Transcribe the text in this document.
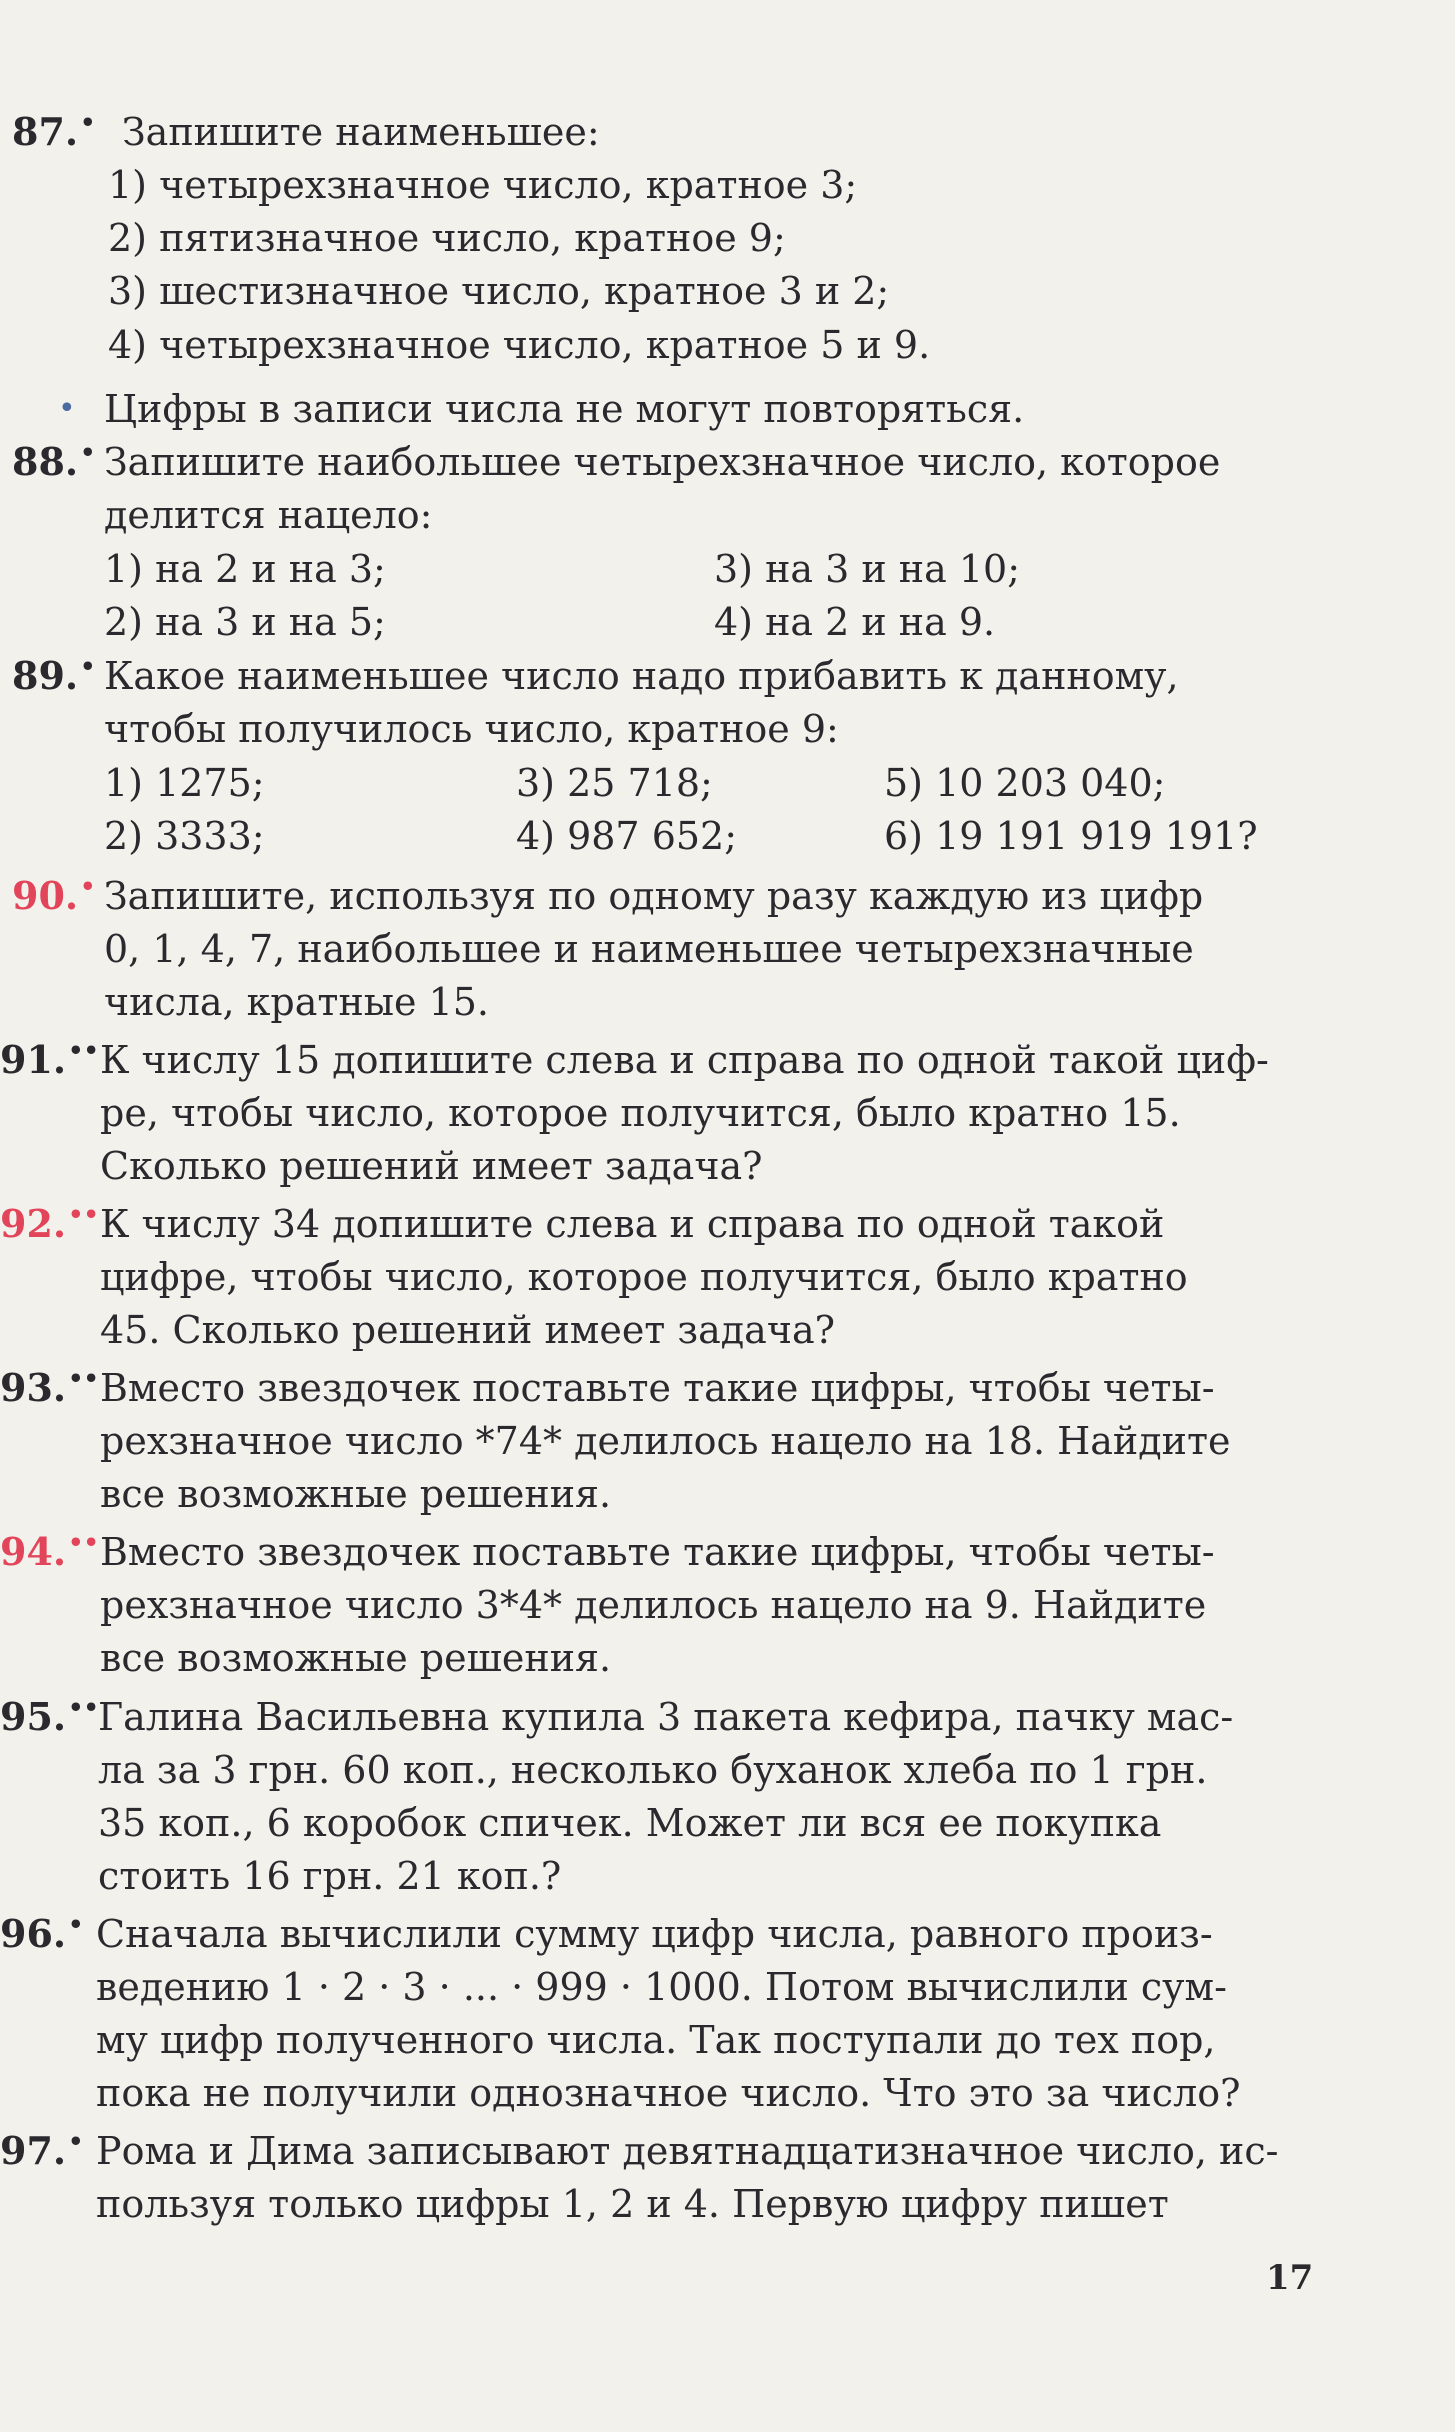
87.• Запишите наименьшее:
1) четырехзначное число, кратное 3;
2) пятизначное число, кратное 9;
3) шестизначное число, кратное 3 и 2;
4) четырехзначное число, кратное 5 и 9.
• Цифры в записи числа не могут повторяться.
88.• Запишите наибольшее четырехзначное число, которое
делится нацело:
1) на 2 и на 3;	3) на 3 и на 10;
2) на 3 и на 5;	4) на 2 и на 9.
89.• Какое наименьшее число надо прибавить к данному,
чтобы получилось число, кратное 9:
1) 1275;	3) 25 718;	5) 10 203 040;
2) 3333;	4) 987 652;	6) 19 191 919 191?
90.• Запишите, используя по одному разу каждую из цифр
0, 1, 4, 7, наибольшее и наименьшее четырехзначные
числа, кратные 15.
91.•• К числу 15 допишите слева и справа по одной такой циф-
ре, чтобы число, которое получится, было кратно 15.
Сколько решений имеет задача?
92.•• К числу 34 допишите слева и справа по одной такой
цифре, чтобы число, которое получится, было кратно
45. Сколько решений имеет задача?
93.•• Вместо звездочек поставьте такие цифры, чтобы четы-
рехзначное число *74* делилось нацело на 18. Найдите
все возможные решения.
94.•• Вместо звездочек поставьте такие цифры, чтобы четы-
рехзначное число 3*4* делилось нацело на 9. Найдите
все возможные решения.
95.•• Галина Васильевна купила 3 пакета кефира, пачку мас-
ла за 3 грн. 60 коп., несколько буханок хлеба по 1 грн.
35 коп., 6 коробок спичек. Может ли вся ее покупка
стоить 16 грн. 21 коп.?
96.• Сначала вычислили сумму цифр числа, равного произ-
ведению 1 · 2 · 3 · ... · 999 · 1000. Потом вычислили сум-
му цифр полученного числа. Так поступали до тех пор,
пока не получили однозначное число. Что это за число?
97.• Рома и Дима записывают девятнадцатизначное число, ис-
пользуя только цифры 1, 2 и 4. Первую цифру пишет
17
